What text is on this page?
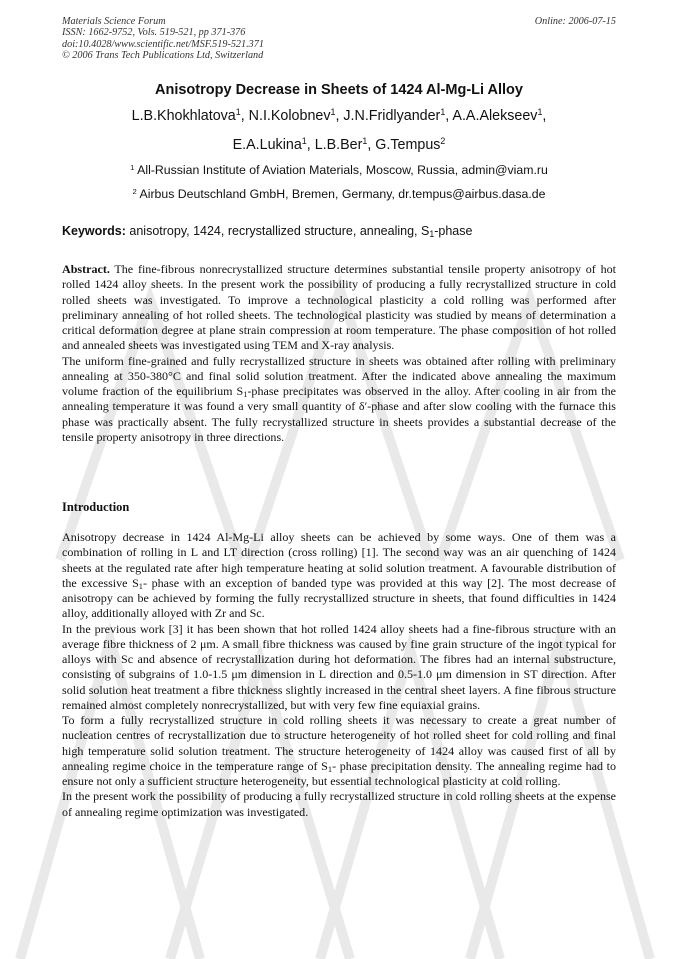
Materials Science Forum
ISSN: 1662-9752, Vols. 519-521, pp 371-376
doi:10.4028/www.scientific.net/MSF.519-521.371
© 2006 Trans Tech Publications Ltd, Switzerland
Online: 2006-07-15
Anisotropy Decrease in Sheets of 1424 Al-Mg-Li Alloy
L.B.Khokhlatova$^1$, N.I.Kolobnev$^1$, J.N.Fridlyander$^1$, A.A.Alekseev$^1$,
E.A.Lukina$^1$, L.B.Ber$^1$, G.Tempus$^2$
$^1$ All-Russian Institute of Aviation Materials, Moscow, Russia, admin@viam.ru
$^2$ Airbus Deutschland GmbH, Bremen, Germany, dr.tempus@airbus.dasa.de
Keywords: anisotropy, 1424, recrystallized structure, annealing, $S_1$-phase

Abstract. The fine-fibrous nonrecrystallized structure determines substantial tensile property anisotropy of hot rolled 1424 alloy sheets. In the present work the possibility of producing a fully recrystallized structure in cold rolled sheets was investigated. To improve a technological plasticity a cold rolling was performed after preliminary annealing of hot rolled sheets. The technological plasticity was studied by means of determination a critical deformation degree at plane strain compression at room temperature. The phase composition of hot rolled and annealed sheets was investigated using TEM and X-ray analysis.

The uniform fine-grained and fully recrystallized structure in sheets was obtained after rolling with preliminary annealing at 350-380°C and final solid solution treatment. After the indicated above annealing the maximum volume fraction of the equilibrium $S_1$-phase precipitates was observed in the alloy. After cooling in air from the annealing temperature it was found a very small quantity of δ′-phase and after slow cooling with the furnace this phase was practically absent. The fully recrystallized structure in sheets provides a substantial decrease of the tensile property anisotropy in three directions.

Introduction

Anisotropy decrease in 1424 Al-Mg-Li alloy sheets can be achieved by some ways. One of them was a combination of rolling in L and LT direction (cross rolling) [1]. The second way was an air quenching of 1424 sheets at the regulated rate after high temperature heating at solid solution treatment. A favourable distribution of the excessive $S_1-$ phase with an exception of banded type was provided at this way [2]. The most decrease of anisotropy can be achieved by forming the fully recrystallized structure in sheets, that found difficulties in 1424 alloy, additionally alloyed with Zr and Sc.

In the previous work [3] it has been shown that hot rolled 1424 alloy sheets had a fine-fibrous structure with an average fibre thickness of 2 μm. A small fibre thickness was caused by fine grain structure of the ingot typical for alloys with Sc and absence of recrystallization during hot deformation. The fibres had an internal substructure, consisting of subgrains of 1.0-1.5 μm dimension in L direction and 0.5-1.0 μm dimension in ST direction. After solid solution heat treatment a fibre thickness slightly increased in the central sheet layers. A fine fibrous structure remained almost completely nonrecrystallized, but with very few fine equiaxial grains.

To form a fully recrystallized structure in cold rolling sheets it was necessary to create a great number of nucleation centres of recrystallization due to structure heterogeneity of hot rolled sheet for cold rolling and final high temperature solid solution treatment. The structure heterogeneity of 1424 alloy was caused first of all by annealing regime choice in the temperature range of $S_1-$ phase precipitation density. The annealing regime had to ensure not only a sufficient structure heterogeneity, but essential technological plasticity at cold rolling.

In the present work the possibility of producing a fully recrystallized structure in cold rolling sheets at the expense of annealing regime optimization was investigated.
